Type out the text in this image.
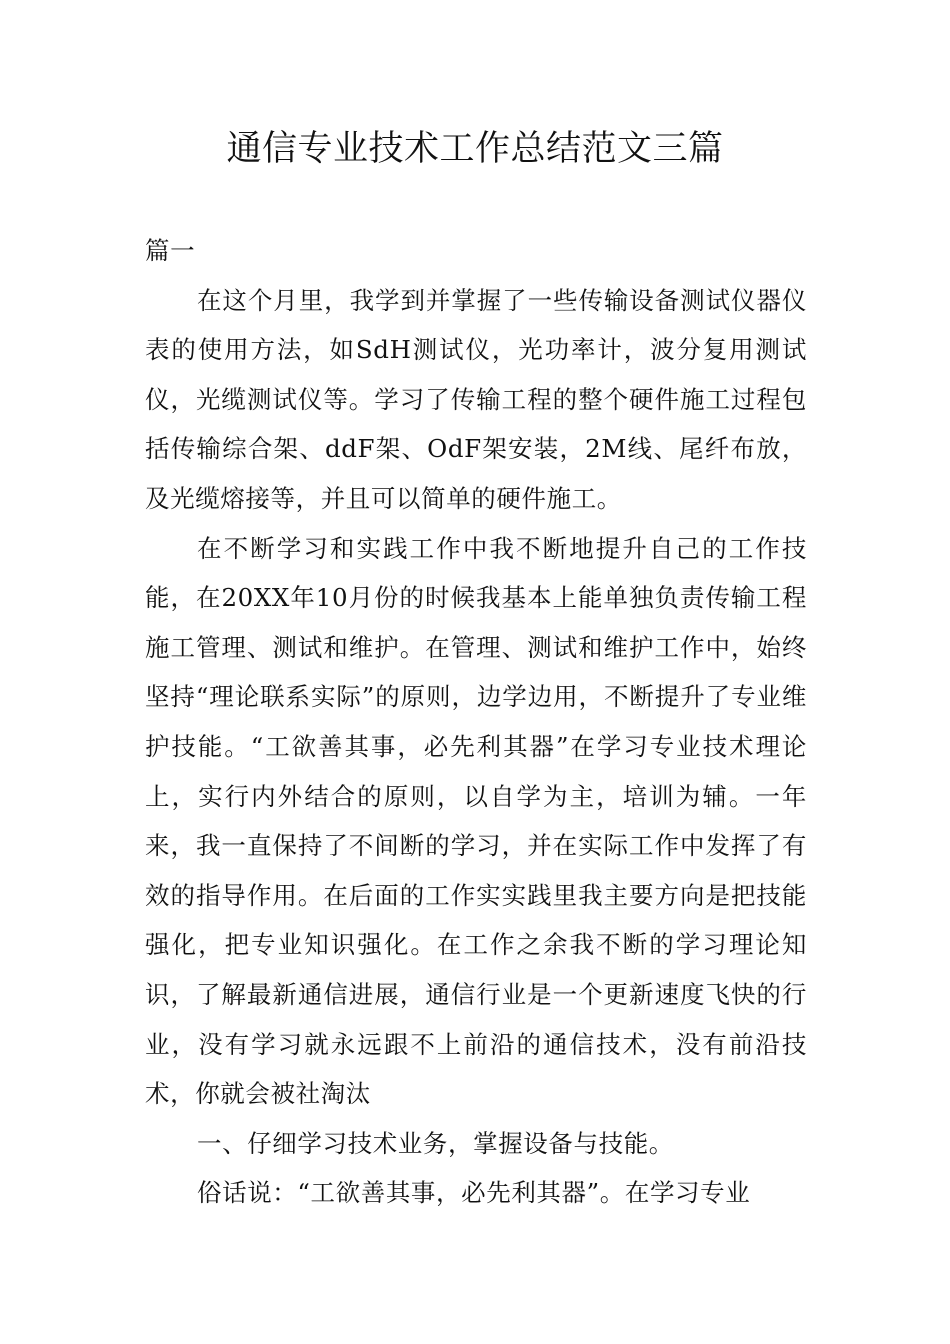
通信专业技术工作总结范文三篇

篇一

在这个月里，我学到并掌握了一些传输设备测试仪器仪表的使用方法，如SdH测试仪，光功率计，波分复用测试仪，光缆测试仪等。学习了传输工程的整个硬件施工过程包括传输综合架、ddF架、OdF架安装，2M线、尾纤布放，及光缆熔接等，并且可以简单的硬件施工。

在不断学习和实践工作中我不断地提升自己的工作技能，在20XX年10月份的时候我基本上能单独负责传输工程施工管理、测试和维护。在管理、测试和维护工作中，始终坚持“理论联系实际”的原则，边学边用，不断提升了专业维护技能。“工欲善其事，必先利其器”在学习专业技术理论上，实行内外结合的原则，以自学为主，培训为辅。一年来，我一直保持了不间断的学习，并在实际工作中发挥了有效的指导作用。在后面的工作实实践里我主要方向是把技能强化，把专业知识强化。在工作之余我不断的学习理论知识，了解最新通信进展，通信行业是一个更新速度飞快的行业，没有学习就永远跟不上前沿的通信技术，没有前沿技术，你就会被社淘汰

一、仔细学习技术业务，掌握设备与技能。

俗话说：“工欲善其事，必先利其器”。在学习专业
